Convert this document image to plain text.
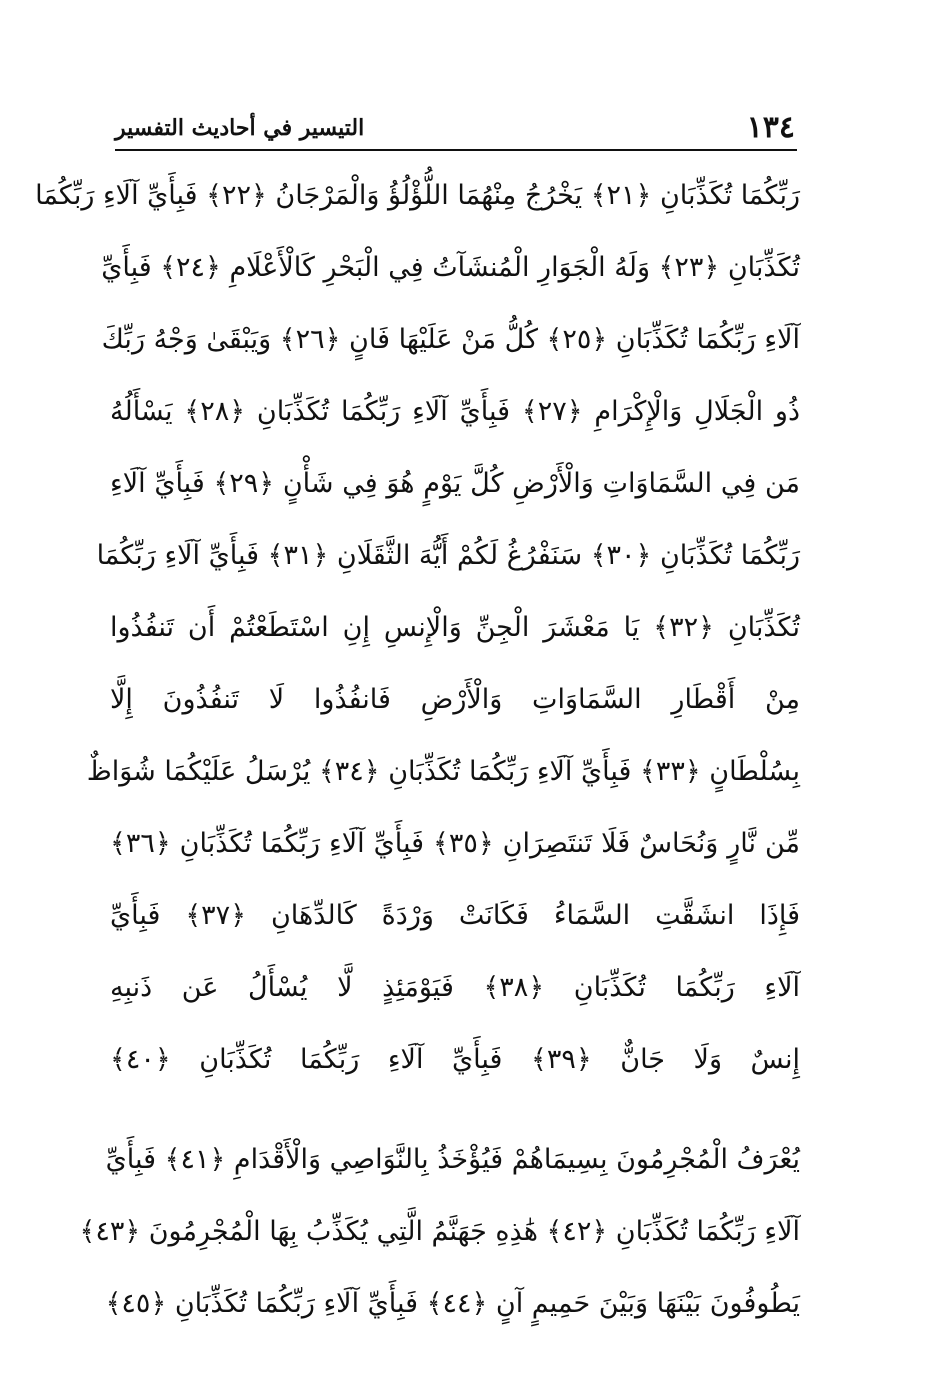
١٣٤
التيسير في أحاديث التفسير
رَبِّكُمَا تُكَذِّبَانِ ﴿٢١﴾ يَخْرُجُ مِنْهُمَا اللُّؤْلُؤُ وَالْمَرْجَانُ ﴿٢٢﴾ فَبِأَيِّ آلَاءِ رَبِّكُمَا
تُكَذِّبَانِ ﴿٢٣﴾ وَلَهُ الْجَوَارِ الْمُنشَآتُ فِي الْبَحْرِ كَالْأَعْلَامِ ﴿٢٤﴾ فَبِأَيِّ
آلَاءِ رَبِّكُمَا تُكَذِّبَانِ ﴿٢٥﴾ كُلُّ مَنْ عَلَيْهَا فَانٍ ﴿٢٦﴾ وَيَبْقَىٰ وَجْهُ رَبِّكَ
ذُو الْجَلَالِ وَالْإِكْرَامِ ﴿٢٧﴾ فَبِأَيِّ آلَاءِ رَبِّكُمَا تُكَذِّبَانِ ﴿٢٨﴾ يَسْأَلُهُ
مَن فِي السَّمَاوَاتِ وَالْأَرْضِ كُلَّ يَوْمٍ هُوَ فِي شَأْنٍ ﴿٢٩﴾ فَبِأَيِّ آلَاءِ
رَبِّكُمَا تُكَذِّبَانِ ﴿٣٠﴾ سَنَفْرُغُ لَكُمْ أَيُّهَ الثَّقَلَانِ ﴿٣١﴾ فَبِأَيِّ آلَاءِ رَبِّكُمَا
تُكَذِّبَانِ ﴿٣٢﴾ يَا مَعْشَرَ الْجِنِّ وَالْإِنسِ إِنِ اسْتَطَعْتُمْ أَن تَنفُذُوا
مِنْ أَقْطَارِ السَّمَاوَاتِ وَالْأَرْضِ فَانفُذُوا لَا تَنفُذُونَ إِلَّا
بِسُلْطَانٍ ﴿٣٣﴾ فَبِأَيِّ آلَاءِ رَبِّكُمَا تُكَذِّبَانِ ﴿٣٤﴾ يُرْسَلُ عَلَيْكُمَا شُوَاظٌ
مِّن نَّارٍ وَنُحَاسٌ فَلَا تَنتَصِرَانِ ﴿٣٥﴾ فَبِأَيِّ آلَاءِ رَبِّكُمَا تُكَذِّبَانِ ﴿٣٦﴾
فَإِذَا انشَقَّتِ السَّمَاءُ فَكَانَتْ وَرْدَةً كَالدِّهَانِ ﴿٣٧﴾ فَبِأَيِّ
آلَاءِ رَبِّكُمَا تُكَذِّبَانِ ﴿٣٨﴾ فَيَوْمَئِذٍ لَّا يُسْأَلُ عَن ذَنبِهِ
إِنسٌ وَلَا جَانٌّ ﴿٣٩﴾ فَبِأَيِّ آلَاءِ رَبِّكُمَا تُكَذِّبَانِ ﴿٤٠﴾
يُعْرَفُ الْمُجْرِمُونَ بِسِيمَاهُمْ فَيُؤْخَذُ بِالنَّوَاصِي وَالْأَقْدَامِ ﴿٤١﴾ فَبِأَيِّ
آلَاءِ رَبِّكُمَا تُكَذِّبَانِ ﴿٤٢﴾ هَٰذِهِ جَهَنَّمُ الَّتِي يُكَذِّبُ بِهَا الْمُجْرِمُونَ ﴿٤٣﴾
يَطُوفُونَ بَيْنَهَا وَبَيْنَ حَمِيمٍ آنٍ ﴿٤٤﴾ فَبِأَيِّ آلَاءِ رَبِّكُمَا تُكَذِّبَانِ ﴿٤٥﴾
